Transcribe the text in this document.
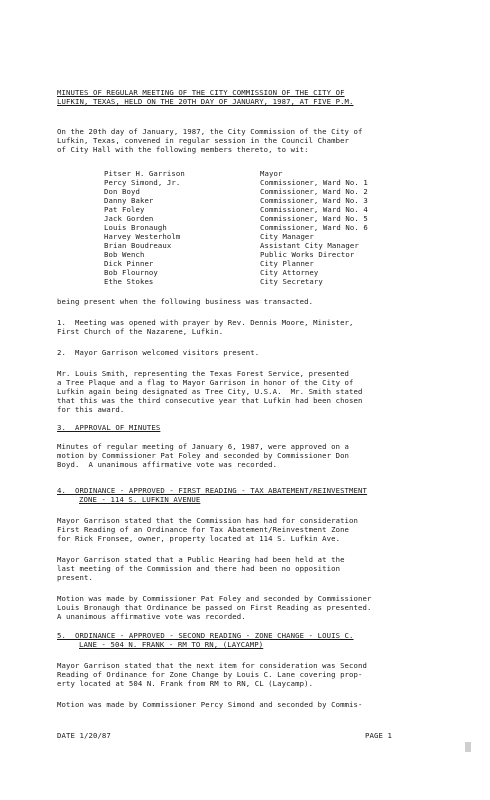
MINUTES OF REGULAR MEETING OF THE CITY COMMISSION OF THE CITY OF
LUFKIN, TEXAS, HELD ON THE 20TH DAY OF JANUARY, 1987, AT FIVE P.M.
On the 20th day of January, 1987, the City Commission of the City of
Lufkin, Texas, convened in regular session in the Council Chamber
of City Hall with the following members thereto, to wit:
Pitser H. Garrison	Mayor
Percy Simond, Jr.	Commissioner, Ward No. 1
Don Boyd	Commissioner, Ward No. 2
Danny Baker	Commissioner, Ward No. 3
Pat Foley	Commissioner, Ward No. 4
Jack Gorden	Commissioner, Ward No. 5
Louis Bronaugh	Commissioner, Ward No. 6
Harvey Westerholm	City Manager
Brian Boudreaux	Assistant City Manager
Bob Wench	Public Works Director
Dick Pinner	City Planner
Bob Flournoy	City Attorney
Ethe Stokes	City Secretary
being present when the following business was transacted.
1.  Meeting was opened with prayer by Rev. Dennis Moore, Minister,
First Church of the Nazarene, Lufkin.
2.  Mayor Garrison welcomed visitors present.
Mr. Louis Smith, representing the Texas Forest Service, presented
a Tree Plaque and a flag to Mayor Garrison in honor of the City of
Lufkin again being designated as Tree City, U.S.A.  Mr. Smith stated
that this was the third consecutive year that Lufkin had been chosen
for this award.
3.  APPROVAL OF MINUTES
Minutes of regular meeting of January 6, 1987, were approved on a
motion by Commissioner Pat Foley and seconded by Commissioner Don
Boyd.  A unanimous affirmative vote was recorded.
4.  ORDINANCE - APPROVED - FIRST READING - TAX ABATEMENT/REINVESTMENT
ZONE - 114 S. LUFKIN AVENUE
Mayor Garrison stated that the Commission has had for consideration
First Reading of an Ordinance for Tax Abatement/Reinvestment Zone
for Rick Fronsee, owner, property located at 114 S. Lufkin Ave.
Mayor Garrison stated that a Public Hearing had been held at the
last meeting of the Commission and there had been no opposition
present.
Motion was made by Commissioner Pat Foley and seconded by Commissioner
Louis Bronaugh that Ordinance be passed on First Reading as presented.
A unanimous affirmative vote was recorded.
5.  ORDINANCE - APPROVED - SECOND READING - ZONE CHANGE - LOUIS C.
LANE - 504 N. FRANK - RM TO RN, (LAYCAMP)
Mayor Garrison stated that the next item for consideration was Second
Reading of Ordinance for Zone Change by Louis C. Lane covering prop-
erty located at 504 N. Frank from RM to RN, CL (Laycamp).
Motion was made by Commissioner Percy Simond and seconded by Commis-
DATE 1/20/87	PAGE 1
